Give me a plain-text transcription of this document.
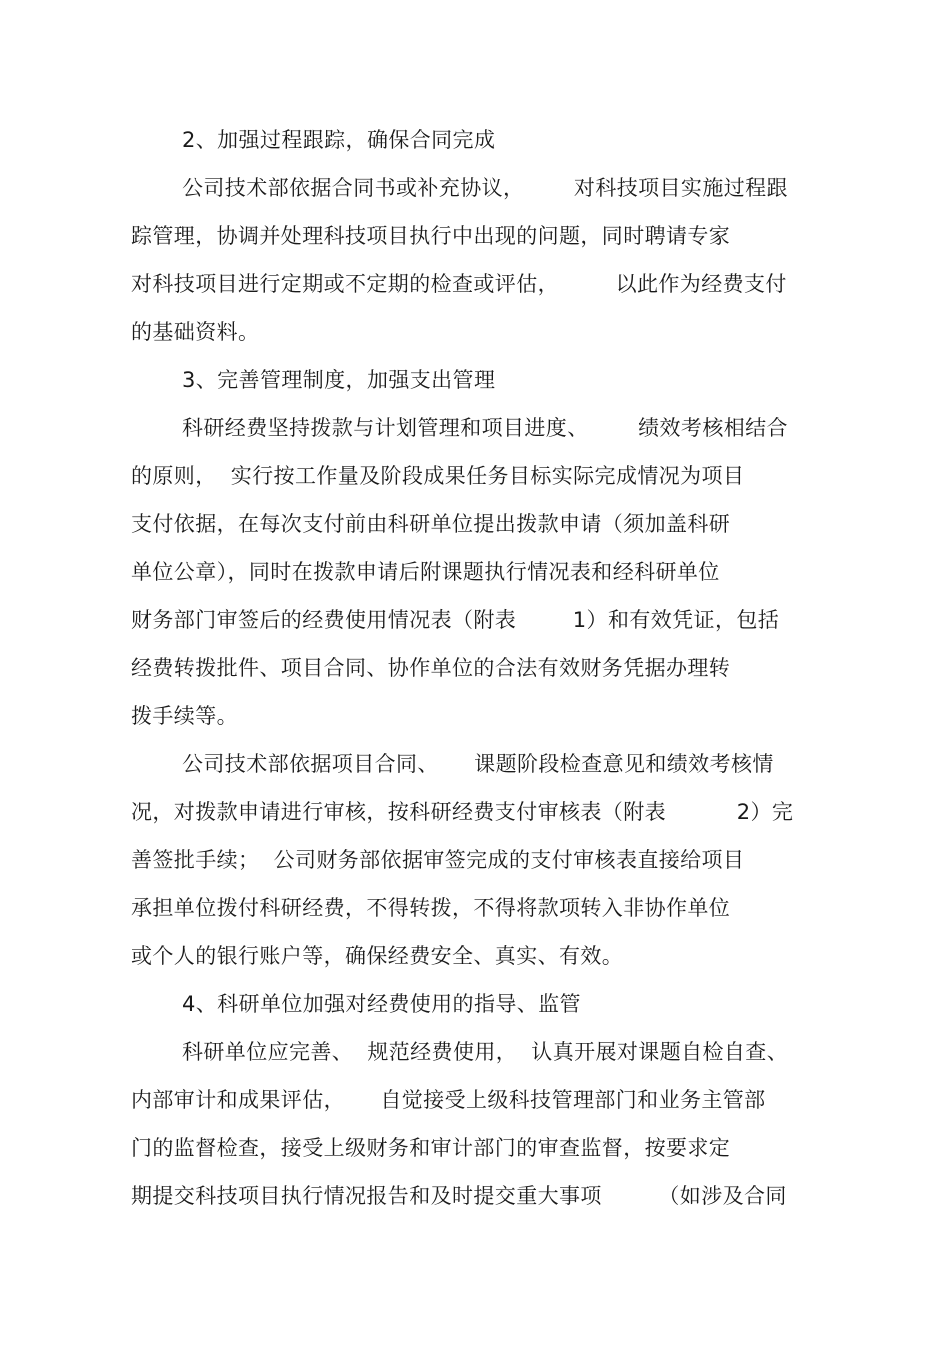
2、加强过程跟踪，确保合同完成
公司技术部依据合同书或补充协议，       对科技项目实施过程跟
踪管理，协调并处理科技项目执行中出现的问题，同时聘请专家
对科技项目进行定期或不定期的检查或评估，        以此作为经费支付
的基础资料。
3、完善管理制度，加强支出管理
科研经费坚持拨款与计划管理和项目进度、       绩效考核相结合
的原则，  实行按工作量及阶段成果任务目标实际完成情况为项目
支付依据，在每次支付前由科研单位提出拨款申请（须加盖科研
单位公章），同时在拨款申请后附课题执行情况表和经科研单位
财务部门审签后的经费使用情况表（附表        1）和有效凭证，包括
经费转拨批件、项目合同、协作单位的合法有效财务凭据办理转
拨手续等。
公司技术部依据项目合同、     课题阶段检查意见和绩效考核情
况，对拨款申请进行审核，按科研经费支付审核表（附表          2）完
善签批手续；  公司财务部依据审签完成的支付审核表直接给项目
承担单位拨付科研经费，不得转拨，不得将款项转入非协作单位
或个人的银行账户等，确保经费安全、真实、有效。
4、科研单位加强对经费使用的指导、监管
科研单位应完善、  规范经费使用，  认真开展对课题自检自查、
内部审计和成果评估，     自觉接受上级科技管理部门和业务主管部
门的监督检查，接受上级财务和审计部门的审查监督，按要求定
期提交科技项目执行情况报告和及时提交重大事项        （如涉及合同
